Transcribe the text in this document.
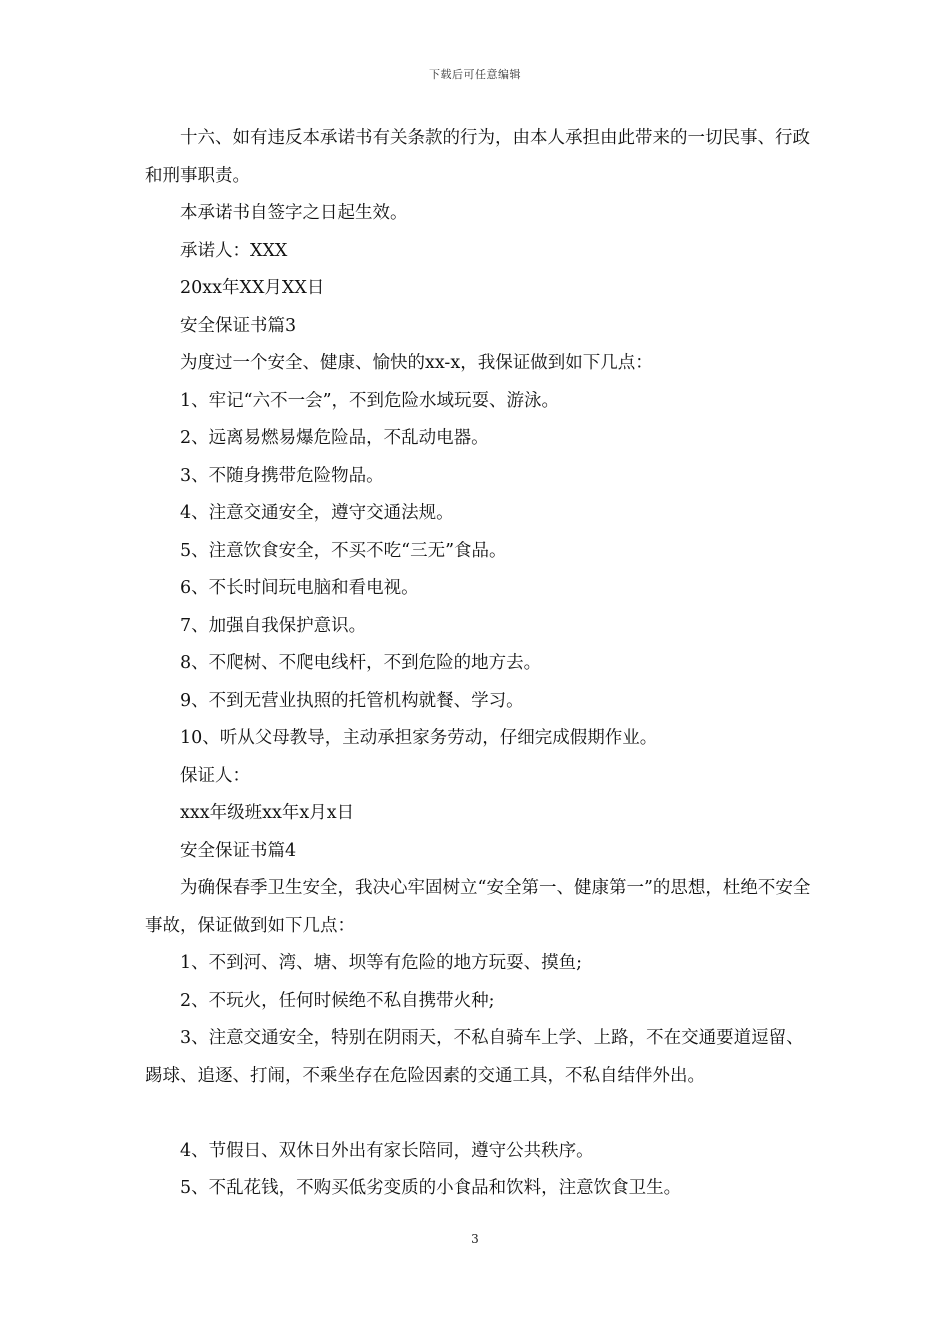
下载后可任意编辑

十六、如有违反本承诺书有关条款的行为，由本人承担由此带来的一切民事、行政和刑事职责。

本承诺书自签字之日起生效。

承诺人：XXX

20xx年XX月XX日

安全保证书篇3

为度过一个安全、健康、愉快的xx-x，我保证做到如下几点：

1、牢记“六不一会”，不到危险水域玩耍、游泳。

2、远离易燃易爆危险品，不乱动电器。

3、不随身携带危险物品。

4、注意交通安全，遵守交通法规。

5、注意饮食安全，不买不吃“三无”食品。

6、不长时间玩电脑和看电视。

7、加强自我保护意识。

8、不爬树、不爬电线杆，不到危险的地方去。

9、不到无营业执照的托管机构就餐、学习。

10、听从父母教导，主动承担家务劳动，仔细完成假期作业。

保证人：

xxx年级班xx年x月x日

安全保证书篇4

为确保春季卫生安全，我决心牢固树立“安全第一、健康第一”的思想，杜绝不安全事故，保证做到如下几点：

1、不到河、湾、塘、坝等有危险的地方玩耍、摸鱼;

2、不玩火，任何时候绝不私自携带火种;

3、注意交通安全，特别在阴雨天，不私自骑车上学、上路，不在交通要道逗留、踢球、追逐、打闹，不乘坐存在危险因素的交通工具，不私自结伴外出。

4、节假日、双休日外出有家长陪同，遵守公共秩序。

5、不乱花钱，不购买低劣变质的小食品和饮料，注意饮食卫生。

3
